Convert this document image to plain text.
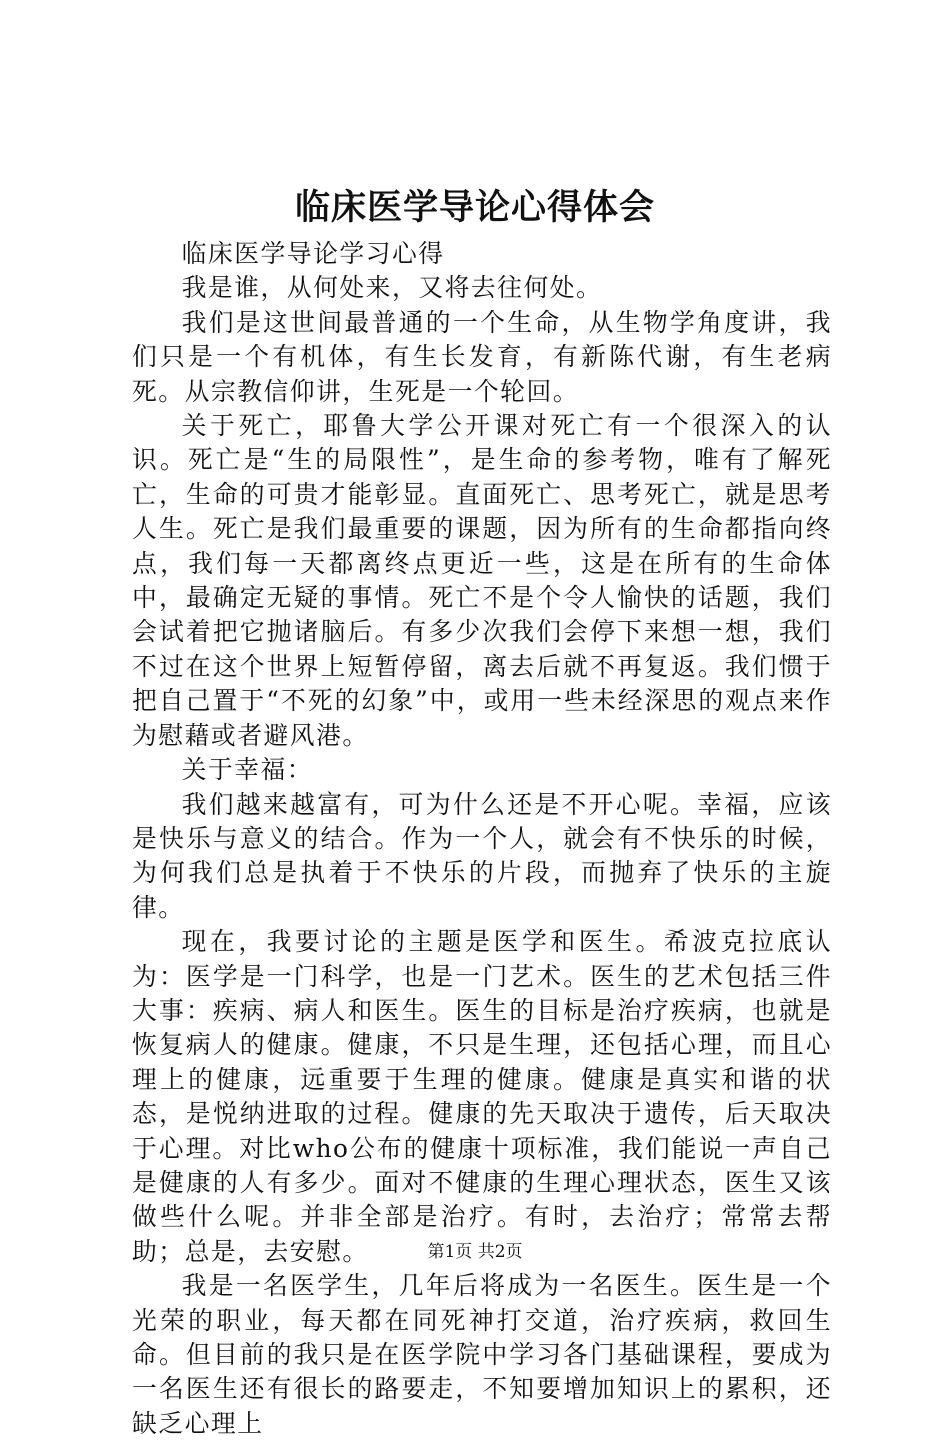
临床医学导论心得体会

临床医学导论学习心得

我是谁，从何处来，又将去往何处。

我们是这世间最普通的一个生命，从生物学角度讲，我们只是一个有机体，有生长发育，有新陈代谢，有生老病死。从宗教信仰讲，生死是一个轮回。

关于死亡，耶鲁大学公开课对死亡有一个很深入的认识。死亡是“生的局限性”，是生命的参考物，唯有了解死亡，生命的可贵才能彰显。直面死亡、思考死亡，就是思考人生。死亡是我们最重要的课题，因为所有的生命都指向终点，我们每一天都离终点更近一些，这是在所有的生命体中，最确定无疑的事情。死亡不是个令人愉快的话题，我们会试着把它抛诸脑后。有多少次我们会停下来想一想，我们不过在这个世界上短暂停留，离去后就不再复返。我们惯于把自己置于“不死的幻象”中，或用一些未经深思的观点来作为慰藉或者避风港。

关于幸福：

我们越来越富有，可为什么还是不开心呢。幸福，应该是快乐与意义的结合。作为一个人，就会有不快乐的时候，为何我们总是执着于不快乐的片段，而抛弃了快乐的主旋律。

现在，我要讨论的主题是医学和医生。希波克拉底认为：医学是一门科学，也是一门艺术。医生的艺术包括三件大事：疾病、病人和医生。医生的目标是治疗疾病，也就是恢复病人的健康。健康，不只是生理，还包括心理，而且心理上的健康，远重要于生理的健康。健康是真实和谐的状态，是悦纳进取的过程。健康的先天取决于遗传，后天取决于心理。对比who公布的健康十项标准，我们能说一声自己是健康的人有多少。面对不健康的生理心理状态，医生又该做些什么呢。并非全部是治疗。有时，去治疗；常常去帮助；总是，去安慰。

我是一名医学生，几年后将成为一名医生。医生是一个光荣的职业，每天都在同死神打交道，治疗疾病，救回生命。但目前的我只是在医学院中学习各门基础课程，要成为一名医生还有很长的路要走，不知要增加知识上的累积，还缺乏心理上

第1页 共2页
